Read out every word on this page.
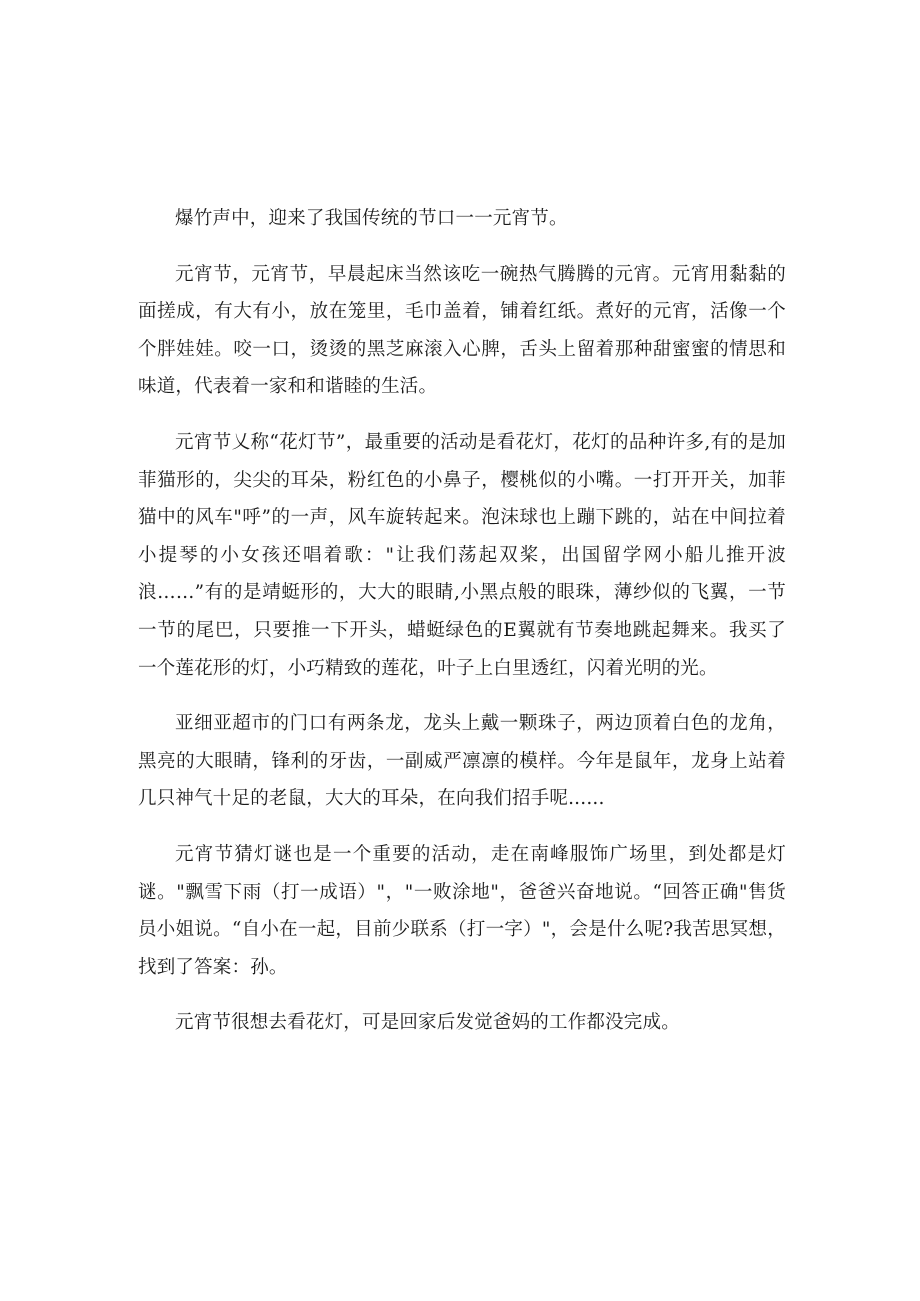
爆竹声中，迎来了我国传统的节口一一元宵节。

元宵节，元宵节，早晨起床当然该吃一碗热气腾腾的元宵。元宵用黏黏的面搓成，有大有小，放在笼里，毛巾盖着，铺着红纸。煮好的元宵，活像一个个胖娃娃。咬一口，烫烫的黑芝麻滚入心脾，舌头上留着那种甜蜜蜜的情思和味道，代表着一家和和谐睦的生活。

元宵节乂称“花灯节”，最重要的活动是看花灯，花灯的品种许多,有的是加菲猫形的，尖尖的耳朵，粉红色的小鼻子，樱桃似的小嘴。一打开开关，加菲猫中的风车"呼”的一声，风车旋转起来。泡沫球也上蹦下跳的，站在中间拉着小提琴的小女孩还唱着歌："让我们荡起双桨，出国留学网小船儿推开波浪……”有的是靖蜓形的，大大的眼睛,小黑点般的眼珠，薄纱似的飞翼，一节一节的尾巴，只要推一下开头，蜡蜓绿色的E翼就有节奏地跳起舞来。我买了一个莲花形的灯，小巧精致的莲花，叶子上白里透红，闪着光明的光。

亚细亚超市的门口有两条龙，龙头上戴一颗珠子，两边顶着白色的龙角，黑亮的大眼睛，锋利的牙齿，一副威严凛凛的模样。今年是鼠年，龙身上站着几只神气十足的老鼠，大大的耳朵，在向我们招手呢......

元宵节猜灯谜也是一个重要的活动，走在南峰服饰广场里，到处都是灯谜。"飘雪下雨（打一成语）"，"一败涂地"，爸爸兴奋地说。“回答正确"售货员小姐说。“自小在一起，目前少联系（打一字）"，会是什么呢?我苦思冥想，找到了答案：孙。

元宵节很想去看花灯，可是回家后发觉爸妈的工作都没完成。
